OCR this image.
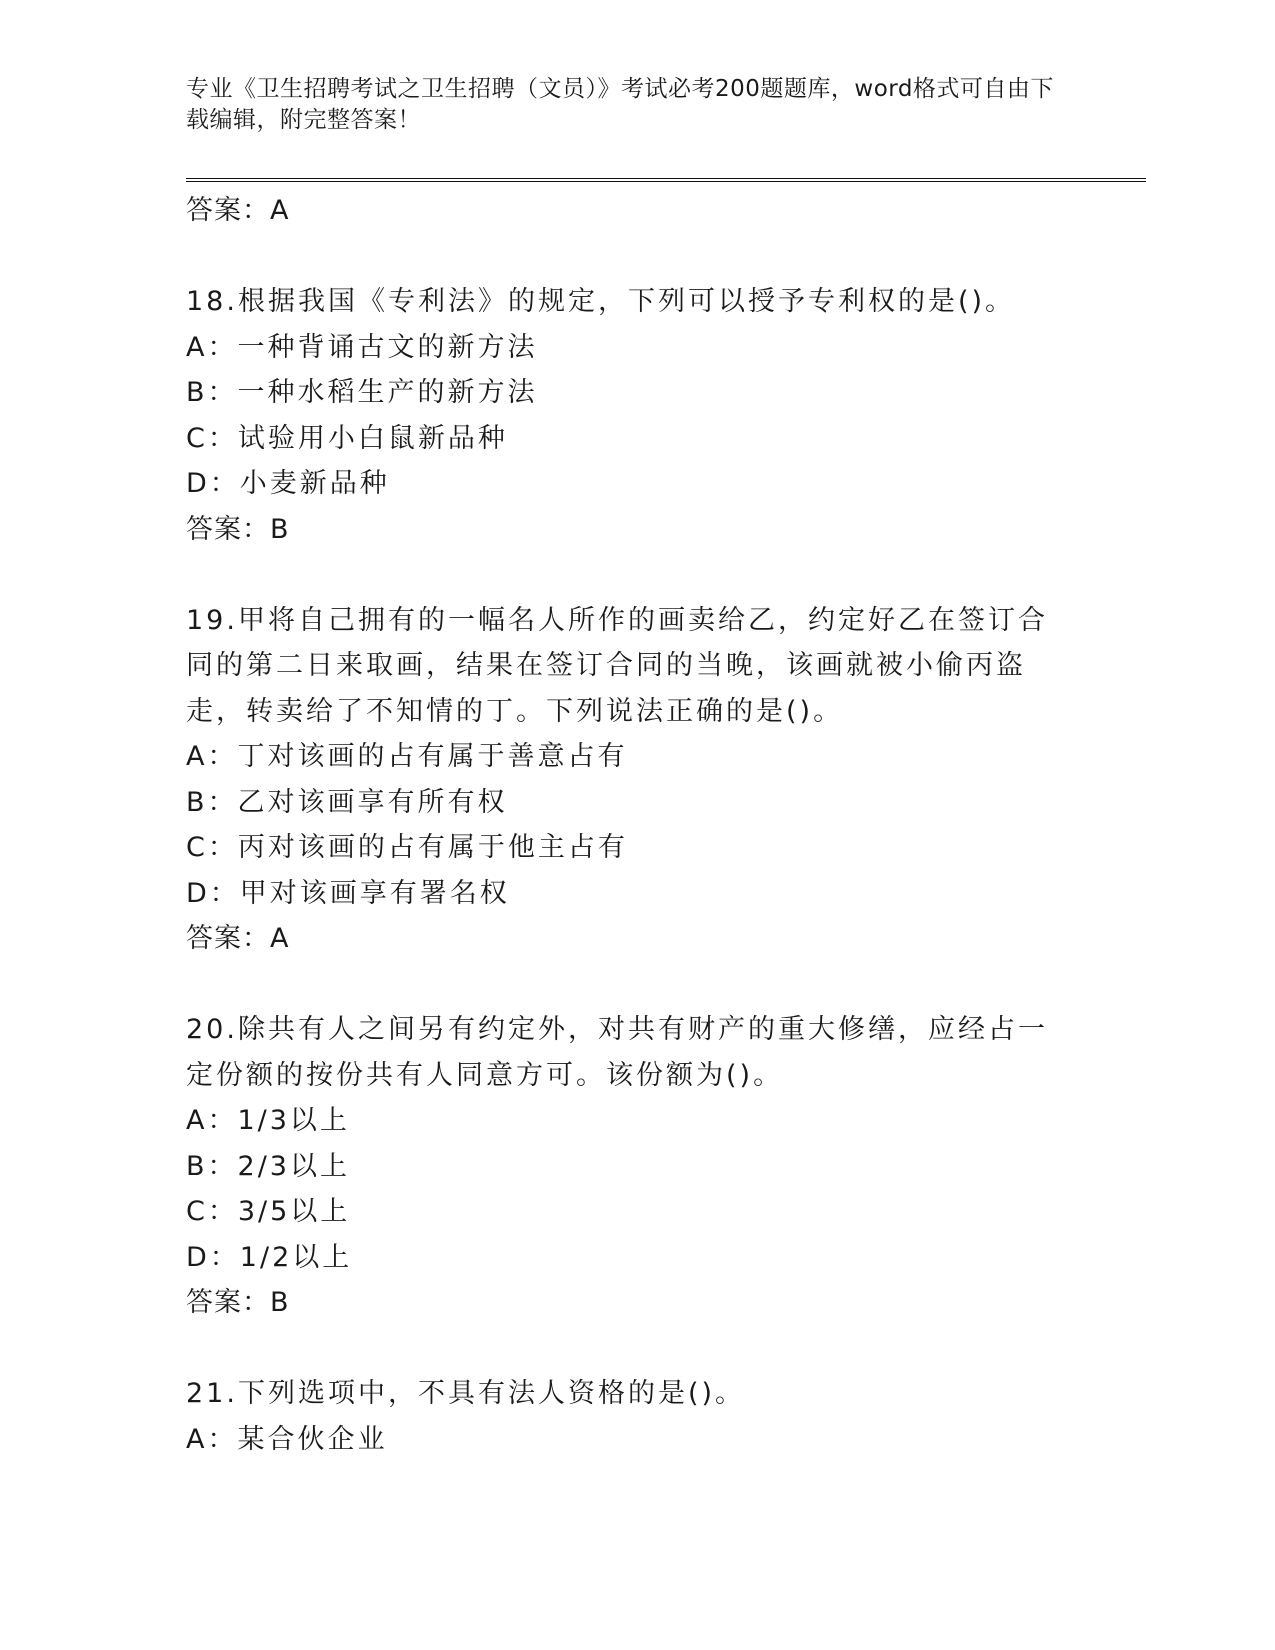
专业《卫生招聘考试之卫生招聘（文员）》考试必考200题题库，word格式可自由下载编辑，附完整答案！
答案：A
18.根据我国《专利法》的规定，下列可以授予专利权的是()。
A：一种背诵古文的新方法
B：一种水稻生产的新方法
C：试验用小白鼠新品种
D：小麦新品种
答案：B
19.甲将自己拥有的一幅名人所作的画卖给乙，约定好乙在签订合同的第二日来取画，结果在签订合同的当晚，该画就被小偷丙盗走，转卖给了不知情的丁。下列说法正确的是()。
A：丁对该画的占有属于善意占有
B：乙对该画享有所有权
C：丙对该画的占有属于他主占有
D：甲对该画享有署名权
答案：A
20.除共有人之间另有约定外，对共有财产的重大修缮，应经占一定份额的按份共有人同意方可。该份额为()。
A：1/3以上
B：2/3以上
C：3/5以上
D：1/2以上
答案：B
21.下列选项中，不具有法人资格的是()。
A：某合伙企业
